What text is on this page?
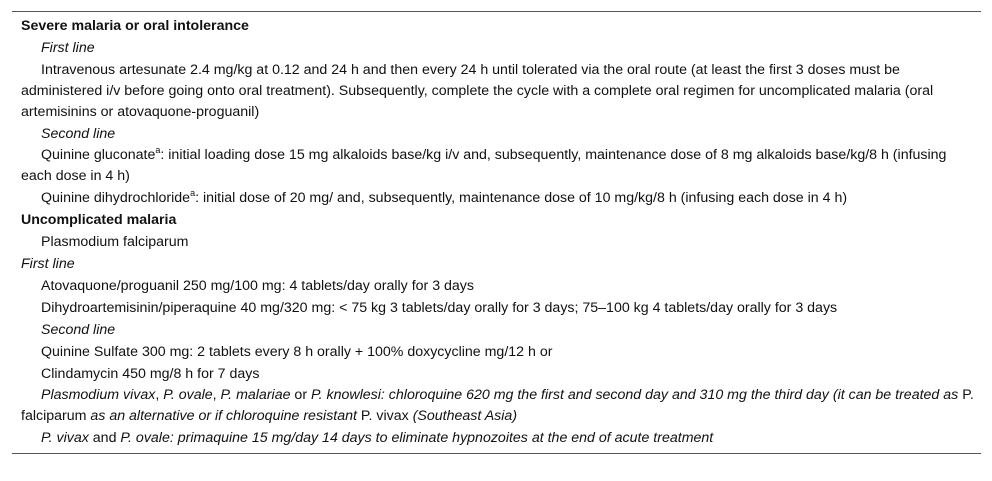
Severe malaria or oral intolerance

First line

Intravenous artesunate 2.4 mg/kg at 0.12 and 24 h and then every 24 h until tolerated via the oral route (at least the first 3 doses must be administered i/v before going onto oral treatment). Subsequently, complete the cycle with a complete oral regimen for uncomplicated malaria (oral artemisinins or atovaquone-proguanil)

Second line

Quinine gluconate$^a$: initial loading dose 15 mg alkaloids base/kg i/v and, subsequently, maintenance dose of 8 mg alkaloids base/kg/8 h (infusing each dose in 4 h)

Quinine dihydrochloride$^a$: initial dose of 20 mg/ and, subsequently, maintenance dose of 10 mg/kg/8 h (infusing each dose in 4 h)

Uncomplicated malaria

Plasmodium falciparum

First line

Atovaquone/proguanil 250 mg/100 mg: 4 tablets/day orally for 3 days

Dihydroartemisinin/piperaquine 40 mg/320 mg: < 75 kg 3 tablets/day orally for 3 days; 75–100 kg 4 tablets/day orally for 3 days

Second line

Quinine Sulfate 300 mg: 2 tablets every 8 h orally + 100% doxycycline mg/12 h or

Clindamycin 450 mg/8 h for 7 days

Plasmodium vivax, P. ovale, P. malariae or P. knowlesi: chloroquine 620 mg the first and second day and 310 mg the third day (it can be treated as P. falciparum as an alternative or if chloroquine resistant P. vivax (Southeast Asia)

P. vivax and P. ovale: primaquine 15 mg/day 14 days to eliminate hypnozoites at the end of acute treatment
